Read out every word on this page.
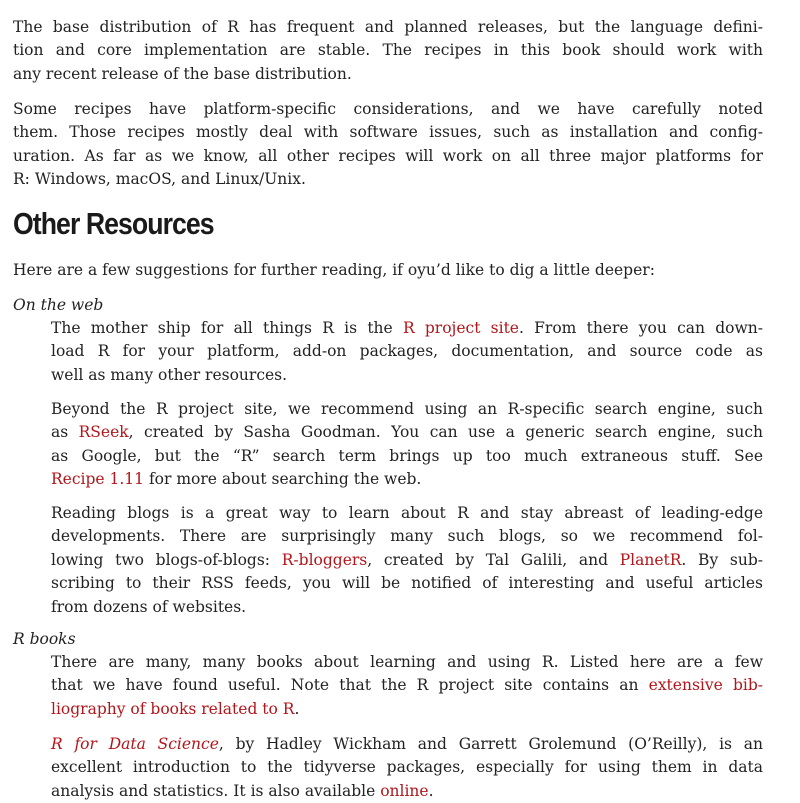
The base distribution of R has frequent and planned releases, but the language defini-
tion and core implementation are stable. The recipes in this book should work with
any recent release of the base distribution.
Some recipes have platform-specific considerations, and we have carefully noted
them. Those recipes mostly deal with software issues, such as installation and config-
uration. As far as we know, all other recipes will work on all three major platforms for
R: Windows, macOS, and Linux/Unix.
Other Resources

Here are a few suggestions for further reading, if oyu’d like to dig a little deeper:

On the web

The mother ship for all things R is the R project site. From there you can down-
load R for your platform, add-on packages, documentation, and source code as
well as many other resources.
Beyond the R project site, we recommend using an R-specific search engine, such
as RSeek, created by Sasha Goodman. You can use a generic search engine, such
as Google, but the “R” search term brings up too much extraneous stuff. See
Recipe 1.11 for more about searching the web.
Reading blogs is a great way to learn about R and stay abreast of leading-edge
developments. There are surprisingly many such blogs, so we recommend fol-
lowing two blogs-of-blogs: R-bloggers, created by Tal Galili, and PlanetR. By sub-
scribing to their RSS feeds, you will be notified of interesting and useful articles
from dozens of websites.

R books

There are many, many books about learning and using R. Listed here are a few
that we have found useful. Note that the R project site contains an extensive bib-
liography of books related to R.
R for Data Science, by Hadley Wickham and Garrett Grolemund (O’Reilly), is an
excellent introduction to the tidyverse packages, especially for using them in data
analysis and statistics. It is also available online.
